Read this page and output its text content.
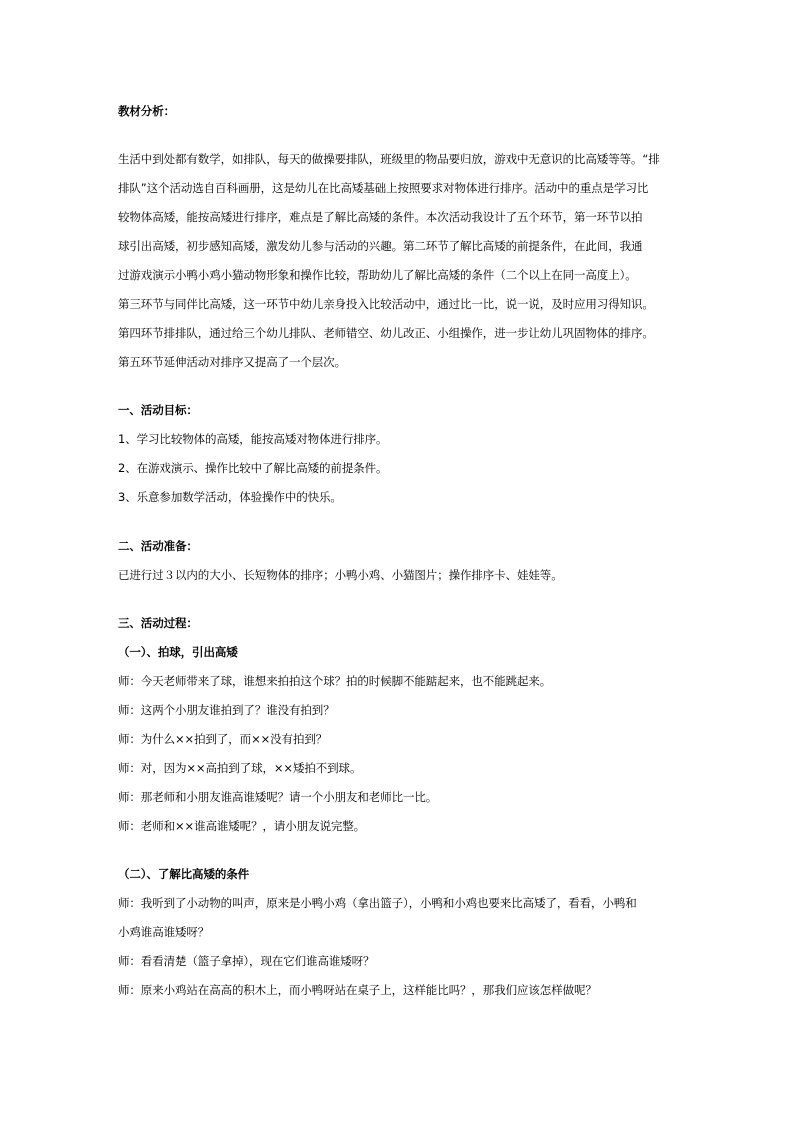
教材分析：
生活中到处都有数学，如排队，每天的做操要排队，班级里的物品要归放，游戏中无意识的比高矮等等。“排
排队”这个活动选自百科画册，这是幼儿在比高矮基础上按照要求对物体进行排序。活动中的重点是学习比
较物体高矮，能按高矮进行排序，难点是了解比高矮的条件。本次活动我设计了五个环节，第一环节以拍
球引出高矮，初步感知高矮，激发幼儿参与活动的兴趣。第二环节了解比高矮的前提条件，在此间，我通
过游戏演示小鸭小鸡小猫动物形象和操作比较，帮助幼儿了解比高矮的条件（二个以上在同一高度上）。
第三环节与同伴比高矮，这一环节中幼儿亲身投入比较活动中，通过比一比，说一说，及时应用习得知识。
第四环节排排队，通过给三个幼儿排队、老师错空、幼儿改正、小组操作，进一步让幼儿巩固物体的排序。
第五环节延伸活动对排序又提高了一个层次。
一、活动目标：
1、学习比较物体的高矮，能按高矮对物体进行排序。
2、在游戏演示、操作比较中了解比高矮的前提条件。
3、乐意参加数学活动，体验操作中的快乐。
二、活动准备：
已进行过３以内的大小、长短物体的排序；小鸭小鸡、小猫图片；操作排序卡、娃娃等。
三、活动过程：
（一）、拍球，引出高矮
师：今天老师带来了球，谁想来拍拍这个球？拍的时候脚不能踮起来，也不能跳起来。
师：这两个小朋友谁拍到了？谁没有拍到？
师：为什么××拍到了，而××没有拍到？
师：对，因为××高拍到了球，××矮拍不到球。
师：那老师和小朋友谁高谁矮呢？请一个小朋友和老师比一比。
师：老师和××谁高谁矮呢？，请小朋友说完整。
（二）、了解比高矮的条件
师：我听到了小动物的叫声，原来是小鸭小鸡（拿出篮子），小鸭和小鸡也要来比高矮了，看看，小鸭和
小鸡谁高谁矮呀？
师：看看清楚（篮子拿掉），现在它们谁高谁矮呀？
师：原来小鸡站在高高的积木上，而小鸭呀站在桌子上，这样能比吗？，那我们应该怎样做呢？
